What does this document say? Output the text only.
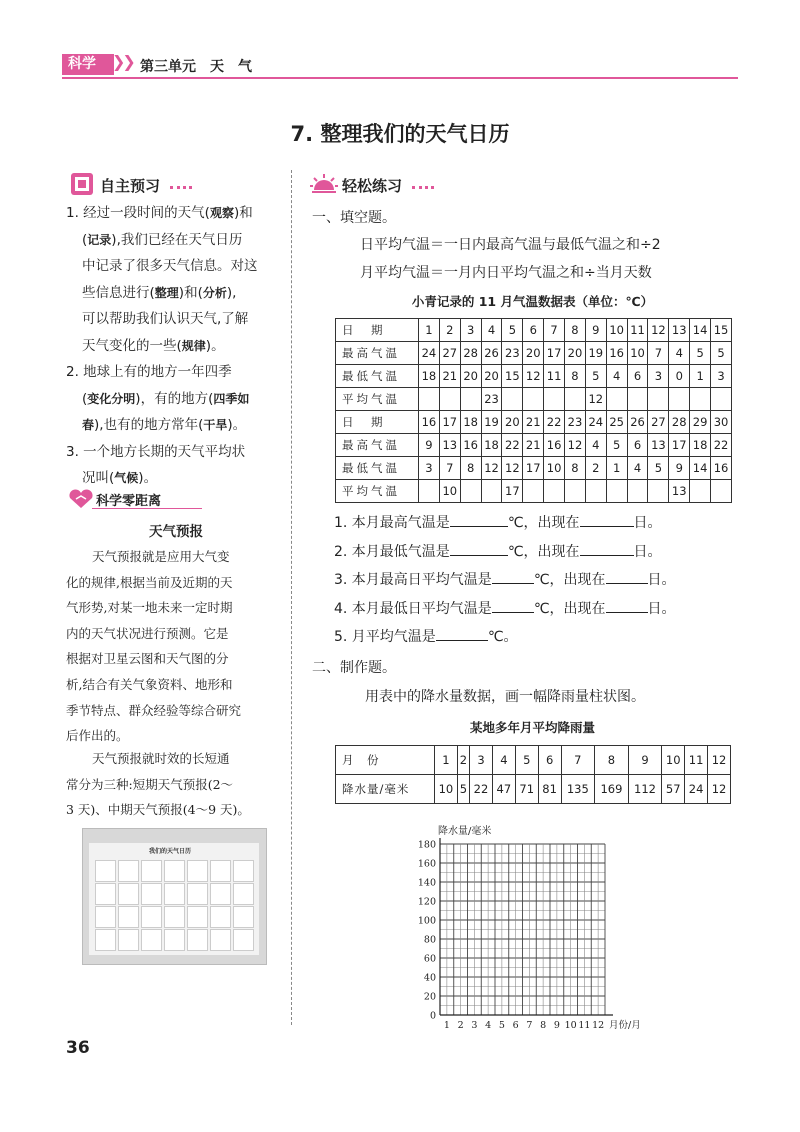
科学	❯❯ 第三单元　天　气
7. 整理我们的天气日历
自主预习
1. 经过一段时间的天气(观察)和
(记录),我们已经在天气日历
中记录了很多天气信息。对这
些信息进行(整理)和(分析),
可以帮助我们认识天气,了解
天气变化的一些(规律)。
2. 地球上有的地方一年四季
(变化分明)，有的地方(四季如
春),也有的地方常年(干旱)。
3. 一个地方长期的天气平均状
况叫(气候)。
科学零距离
天气预报
天气预报就是应用大气变
化的规律,根据当前及近期的天
气形势,对某一地未来一定时期
内的天气状况进行预测。它是
根据对卫星云图和天气图的分
析,结合有关气象资料、地形和
季节特点、群众经验等综合研究
后作出的。
天气预报就时效的长短通
常分为三种:短期天气预报(2～
3 天)、中期天气预报(4～9 天)。
我们的天气日历
轻松练习
一、填空题。
日平均气温＝一日内最高气温与最低气温之和÷2
月平均气温＝一月内日平均气温之和÷当月天数
小青记录的 11 月气温数据表（单位：℃）
日　期	1	2	3	4	5	6	7	8	9	10	11	12	13	14	15
最高气温	24	27	28	26	23	20	17	20	19	16	10	7	4	5	5
最低气温	18	21	20	20	15	12	11	8	5	4	6	3	0	1	3
平均气温				23					12						
日　期	16	17	18	19	20	21	22	23	24	25	26	27	28	29	30
最高气温	9	13	16	18	22	21	16	12	4	5	6	13	17	18	22
最低气温	3	7	8	12	12	17	10	8	2	1	4	5	9	14	16
平均气温		10			17								13		
1. 本月最高气温是	℃，出现在	日。
2. 本月最低气温是	℃，出现在	日。
3. 本月最高日平均气温是	℃，出现在	日。
4. 本月最低日平均气温是	℃，出现在	日。
5. 月平均气温是	℃。
二、制作题。
用表中的降水量数据，画一幅降雨量柱状图。
某地多年月平均降雨量
月　份	1	2	3	4	5	6	7	8	9	10	11	12
降水量/毫米	10	5	22	47	71	81	135	169	112	57	24	12
0
20
40
60
80
100
120
140
160
180
1 2 3 4 5 6 7 8 9 10 11 12
降水量/毫米
月份/月
36
